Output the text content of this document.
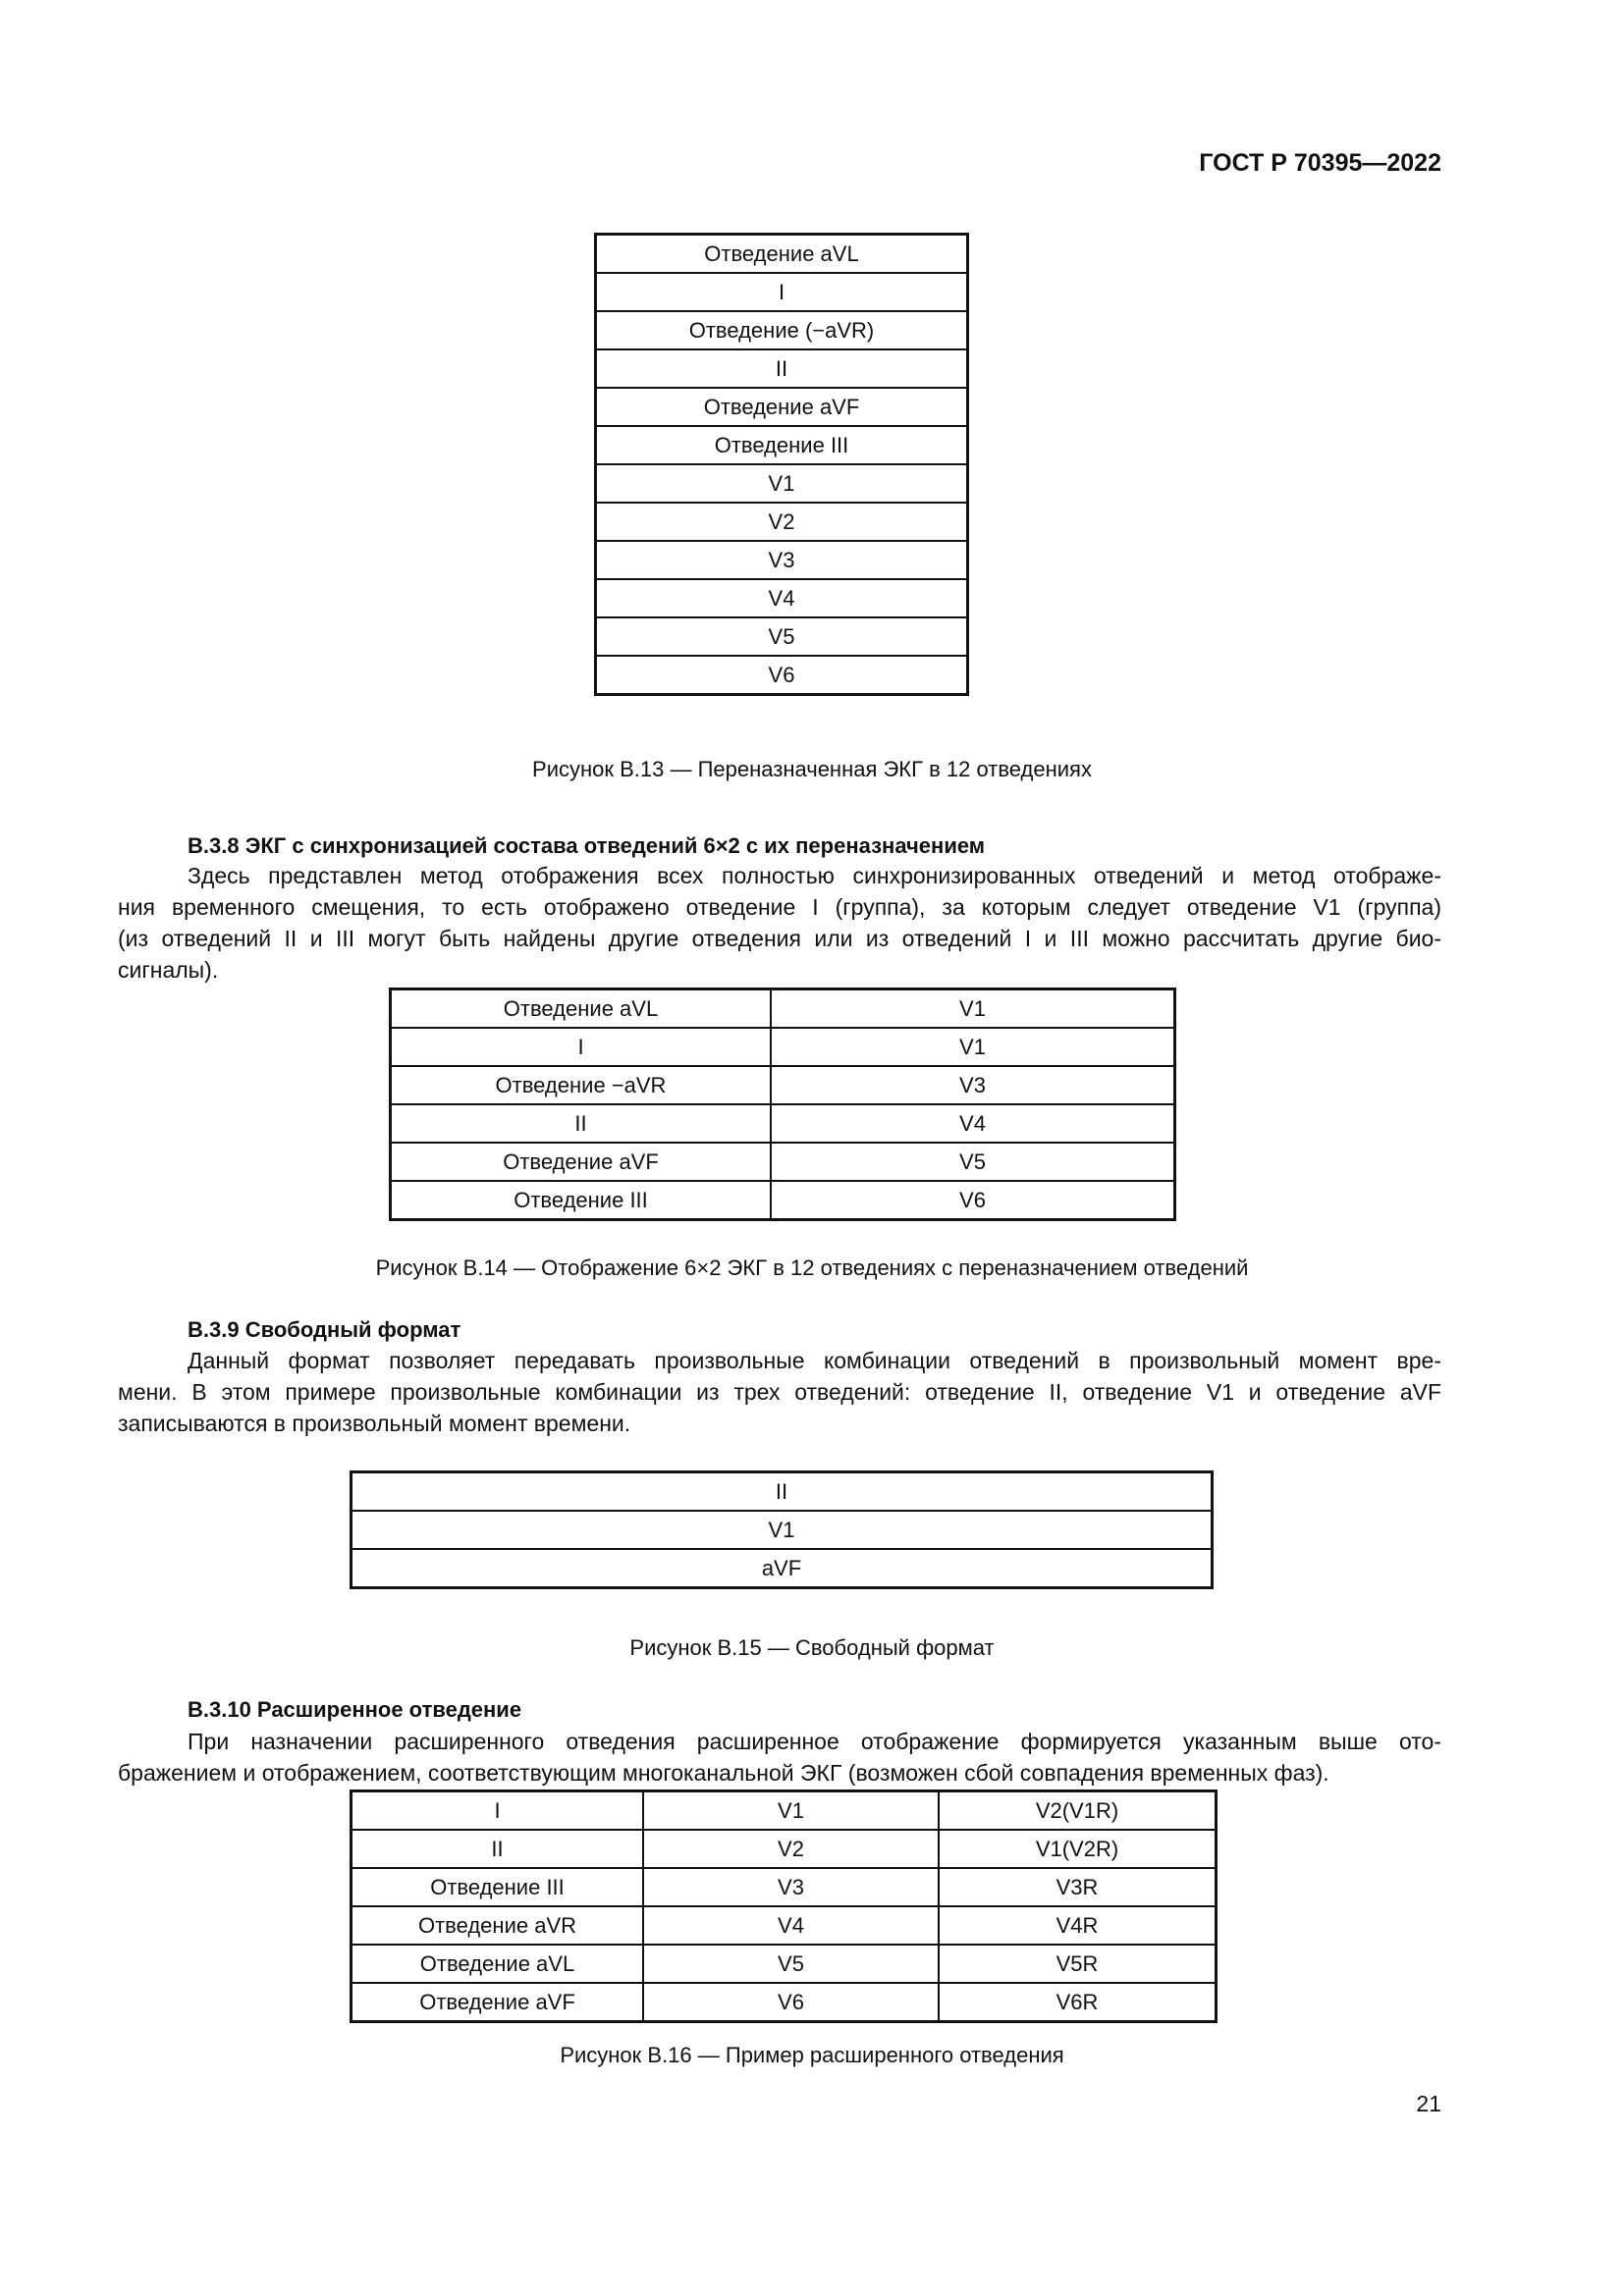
ГОСТ Р 70395—2022
Отведение aVL
I
Отведение (−aVR)
II
Отведение aVF
Отведение III
V1
V2
V3
V4
V5
V6
Рисунок В.13 — Переназначенная ЭКГ в 12 отведениях
В.3.8 ЭКГ с синхронизацией состава отведений 6×2 с их переназначением
Здесь представлен метод отображения всех полностью синхронизированных отведений и метод отображе-
ния временного смещения, то есть отображено отведение I (группа), за которым следует отведение V1 (группа)
(из отведений II и III могут быть найдены другие отведения или из отведений I и III можно рассчитать другие био-
сигналы).
Отведение aVL	V1
I	V1
Отведение −aVR	V3
II	V4
Отведение aVF	V5
Отведение III	V6
Рисунок В.14 — Отображение 6×2 ЭКГ в 12 отведениях с переназначением отведений
В.3.9 Свободный формат
Данный формат позволяет передавать произвольные комбинации отведений в произвольный момент вре-
мени. В этом примере произвольные комбинации из трех отведений: отведение II, отведение V1 и отведение aVF
записываются в произвольный момент времени.
II
V1
aVF
Рисунок В.15 — Свободный формат
В.3.10 Расширенное отведение
При назначении расширенного отведения расширенное отображение формируется указанным выше ото-
бражением и отображением, соответствующим многоканальной ЭКГ (возможен сбой совпадения временных фаз).
I	V1	V2(V1R)
II	V2	V1(V2R)
Отведение III	V3	V3R
Отведение aVR	V4	V4R
Отведение aVL	V5	V5R
Отведение aVF	V6	V6R
Рисунок В.16 — Пример расширенного отведения
21
